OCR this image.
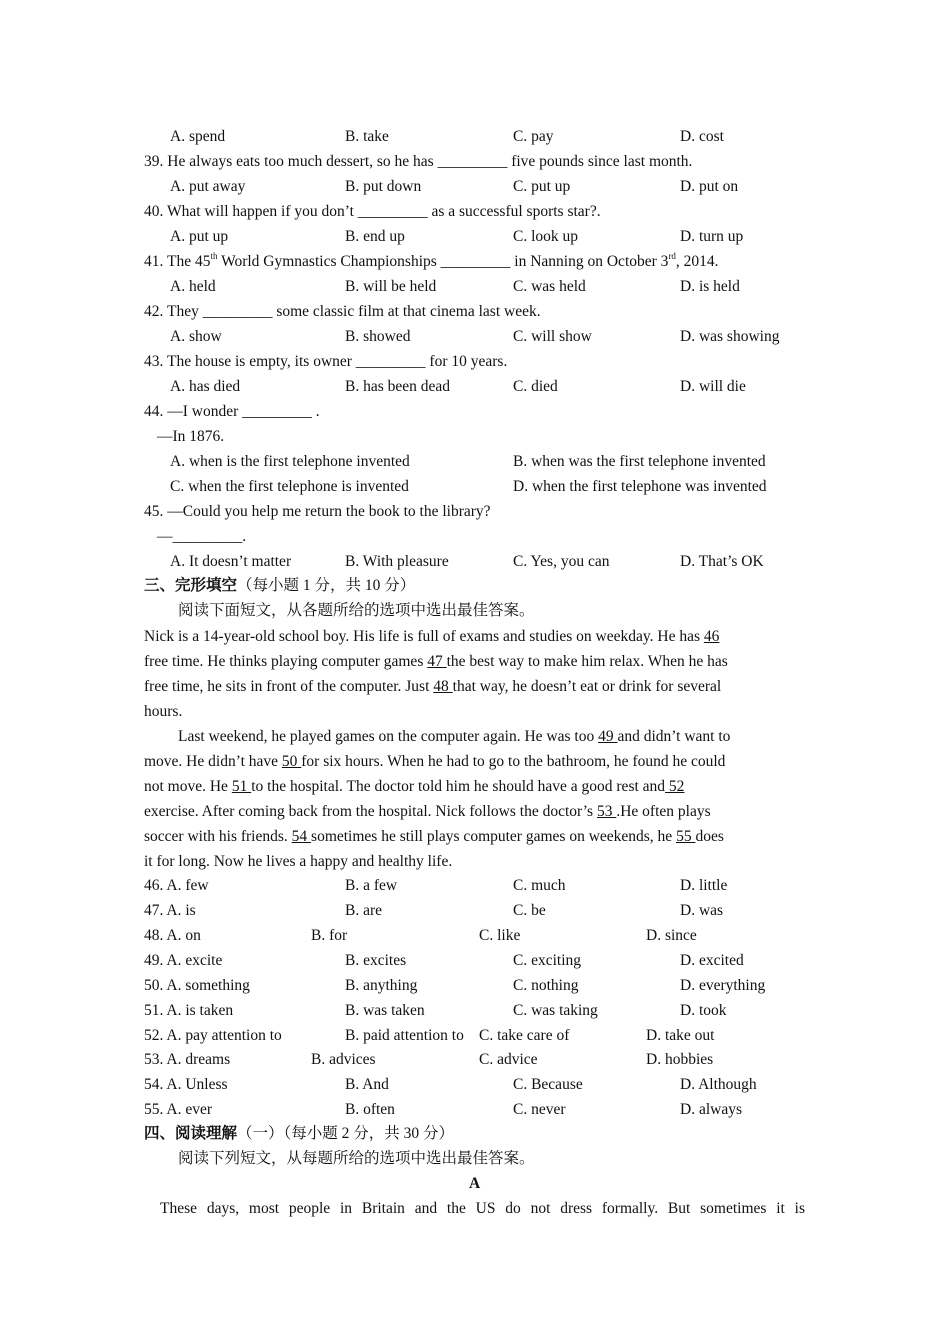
A. spend	B. take	C. pay	D. cost
39. He always eats too much dessert, so he has _________ five pounds since last month.
A. put away	B. put down	C. put up	D. put on
40. What will happen if you don’t _________ as a successful sports star?.
A. put up	B. end up	C. look up	D. turn up
41. The 45th World Gymnastics Championships _________ in Nanning on October 3rd, 2014.
A. held	B. will be held	C. was held	D. is held
42. They _________ some classic film at that cinema last week.
A. show	B. showed	C. will show	D. was showing
43. The house is empty, its owner _________ for 10 years.
A. has died	B. has been dead	C. died	D. will die
44. —I wonder _________ .
—In 1876.
A. when is the first telephone invented	B. when was the first telephone invented
C. when the first telephone is invented	D. when the first telephone was invented
45. —Could you help me return the book to the library?
—_________.
A. It doesn’t matter	B. With pleasure	C. Yes, you can	D. That’s OK
三、完形填空（每小题 1 分，共 10 分）
阅读下面短文，从各题所给的选项中选出最佳答案。
Nick is a 14-year-old school boy. His life is full of exams and studies on weekday. He has 46
free time. He thinks playing computer games 47 the best way to make him relax. When he has
free time, he sits in front of the computer. Just 48 that way, he doesn’t eat or drink for several
hours.
Last weekend, he played games on the computer again. He was too 49 and didn’t want to
move. He didn’t have 50 for six hours. When he had to go to the bathroom, he found he could
not move. He 51 to the hospital. The doctor told him he should have a good rest and 52
exercise. After coming back from the hospital. Nick follows the doctor’s 53 .He often plays
soccer with his friends. 54 sometimes he still plays computer games on weekends, he 55 does
it for long. Now he lives a happy and healthy life.
46. A. few	B. a few	C. much	D. little
47. A. is	B. are	C. be	D. was
48. A. on	B. for	C. like	D. since
49. A. excite	B. excites	C. exciting	D. excited
50. A. something	B. anything	C. nothing	D. everything
51. A. is taken	B. was taken	C. was taking	D. took
52. A. pay attention to	B. paid attention to C. take care of	D. take out
53. A. dreams	B. advices	C. advice	D. hobbies
54. A. Unless	B. And	C. Because	D. Although
55. A. ever	B. often	C. never	D. always
四、阅读理解（一）（每小题 2 分，共 30 分）
阅读下列短文，从每题所给的选项中选出最佳答案。
A
These days, most people in Britain and the US do not dress formally. But sometimes it is
